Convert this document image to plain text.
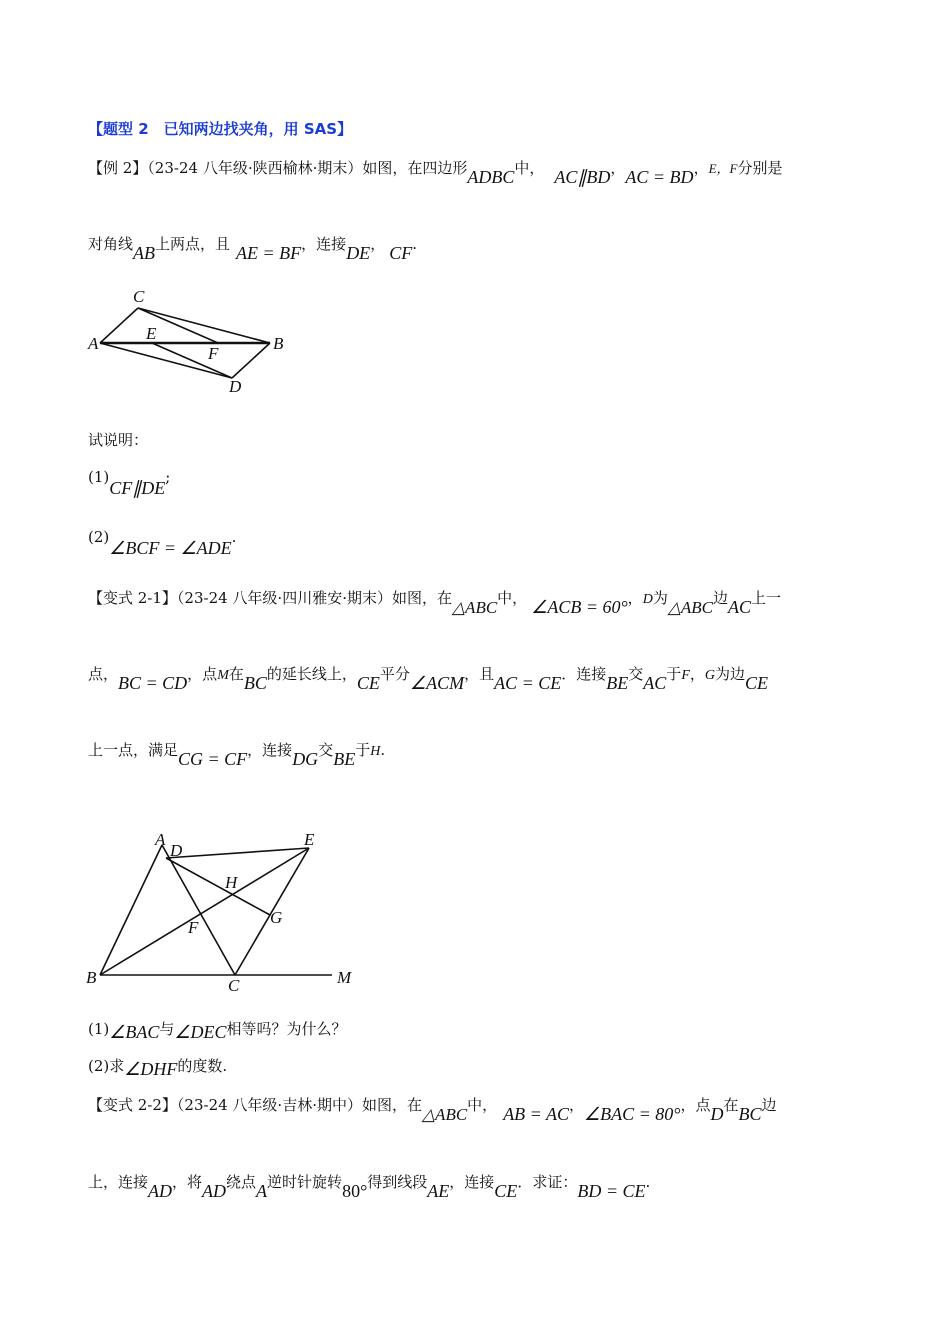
【题型 2　已知两边找夹角，用 SAS】
【例 2】（23-24 八年级·陕西榆林·期末）如图，在四边形ADBC中， AC∥BD，AC = BD，E，F分别是
对角线AB上两点，且 AE = BF，连接DE， CF.
A	B
C
D
E
F
试说明：
(1)CF∥DE;
(2)∠BCF = ∠ADE.
【变式 2-1】（23-24 八年级·四川雅安·期末）如图，在△ABC中， ∠ACB = 60°，D为△ABC边AC上一
点，BC = CD，点M在BC的延长线上，CE平分∠ACM，且AC = CE．连接BE交AC于F，G为边CE
上一点，满足CG = CF，连接DG交BE于H.
A
D
E
H
G
F
B	C	M
(1)∠BAC与∠DEC相等吗？为什么？
(2)求∠DHF的度数.
【变式 2-2】（23-24 八年级·吉林·期中）如图，在△ABC中， AB = AC，∠BAC = 80°，点D在BC边
上，连接AD，将AD绕点A逆时针旋转80°得到线段AE，连接CE．求证：BD = CE.
